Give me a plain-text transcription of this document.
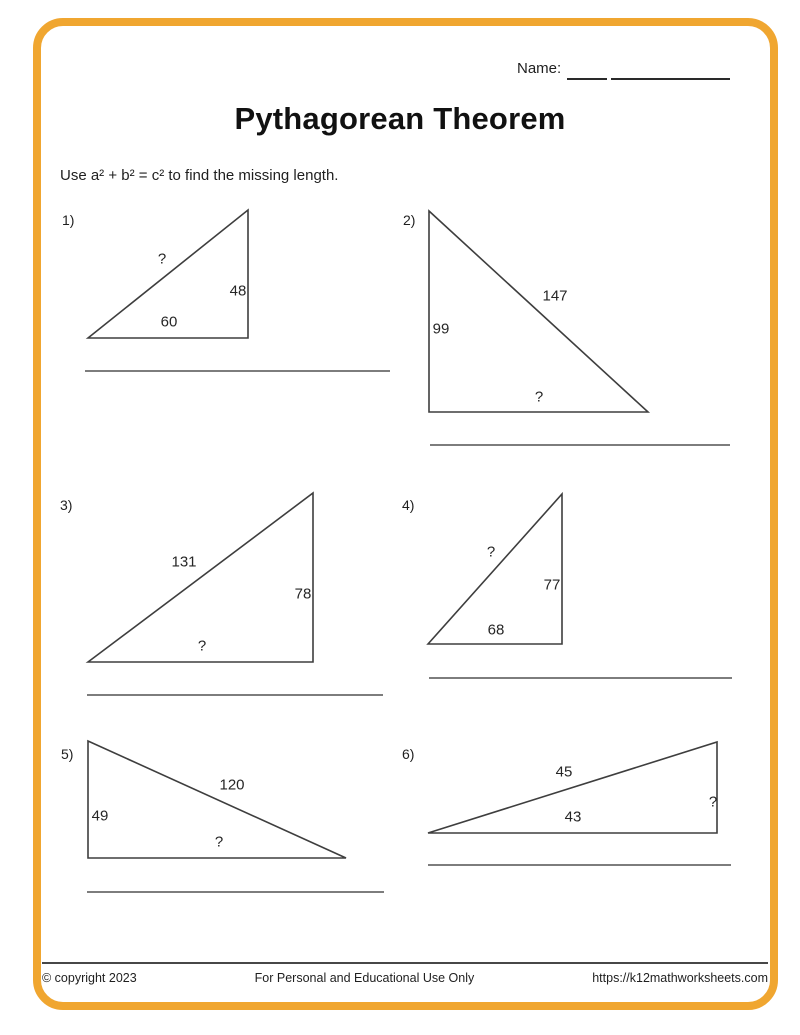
Name:
Pythagorean Theorem
Use a² + b² = c² to find the missing length.
1)
?
48
60
2)
147
99
?
3)
131
78
?
4)
?
77
68
5)
120
49
?
6)
45
43
?
© copyright 2023	For Personal and Educational Use Only	https://k12mathworksheets.com
